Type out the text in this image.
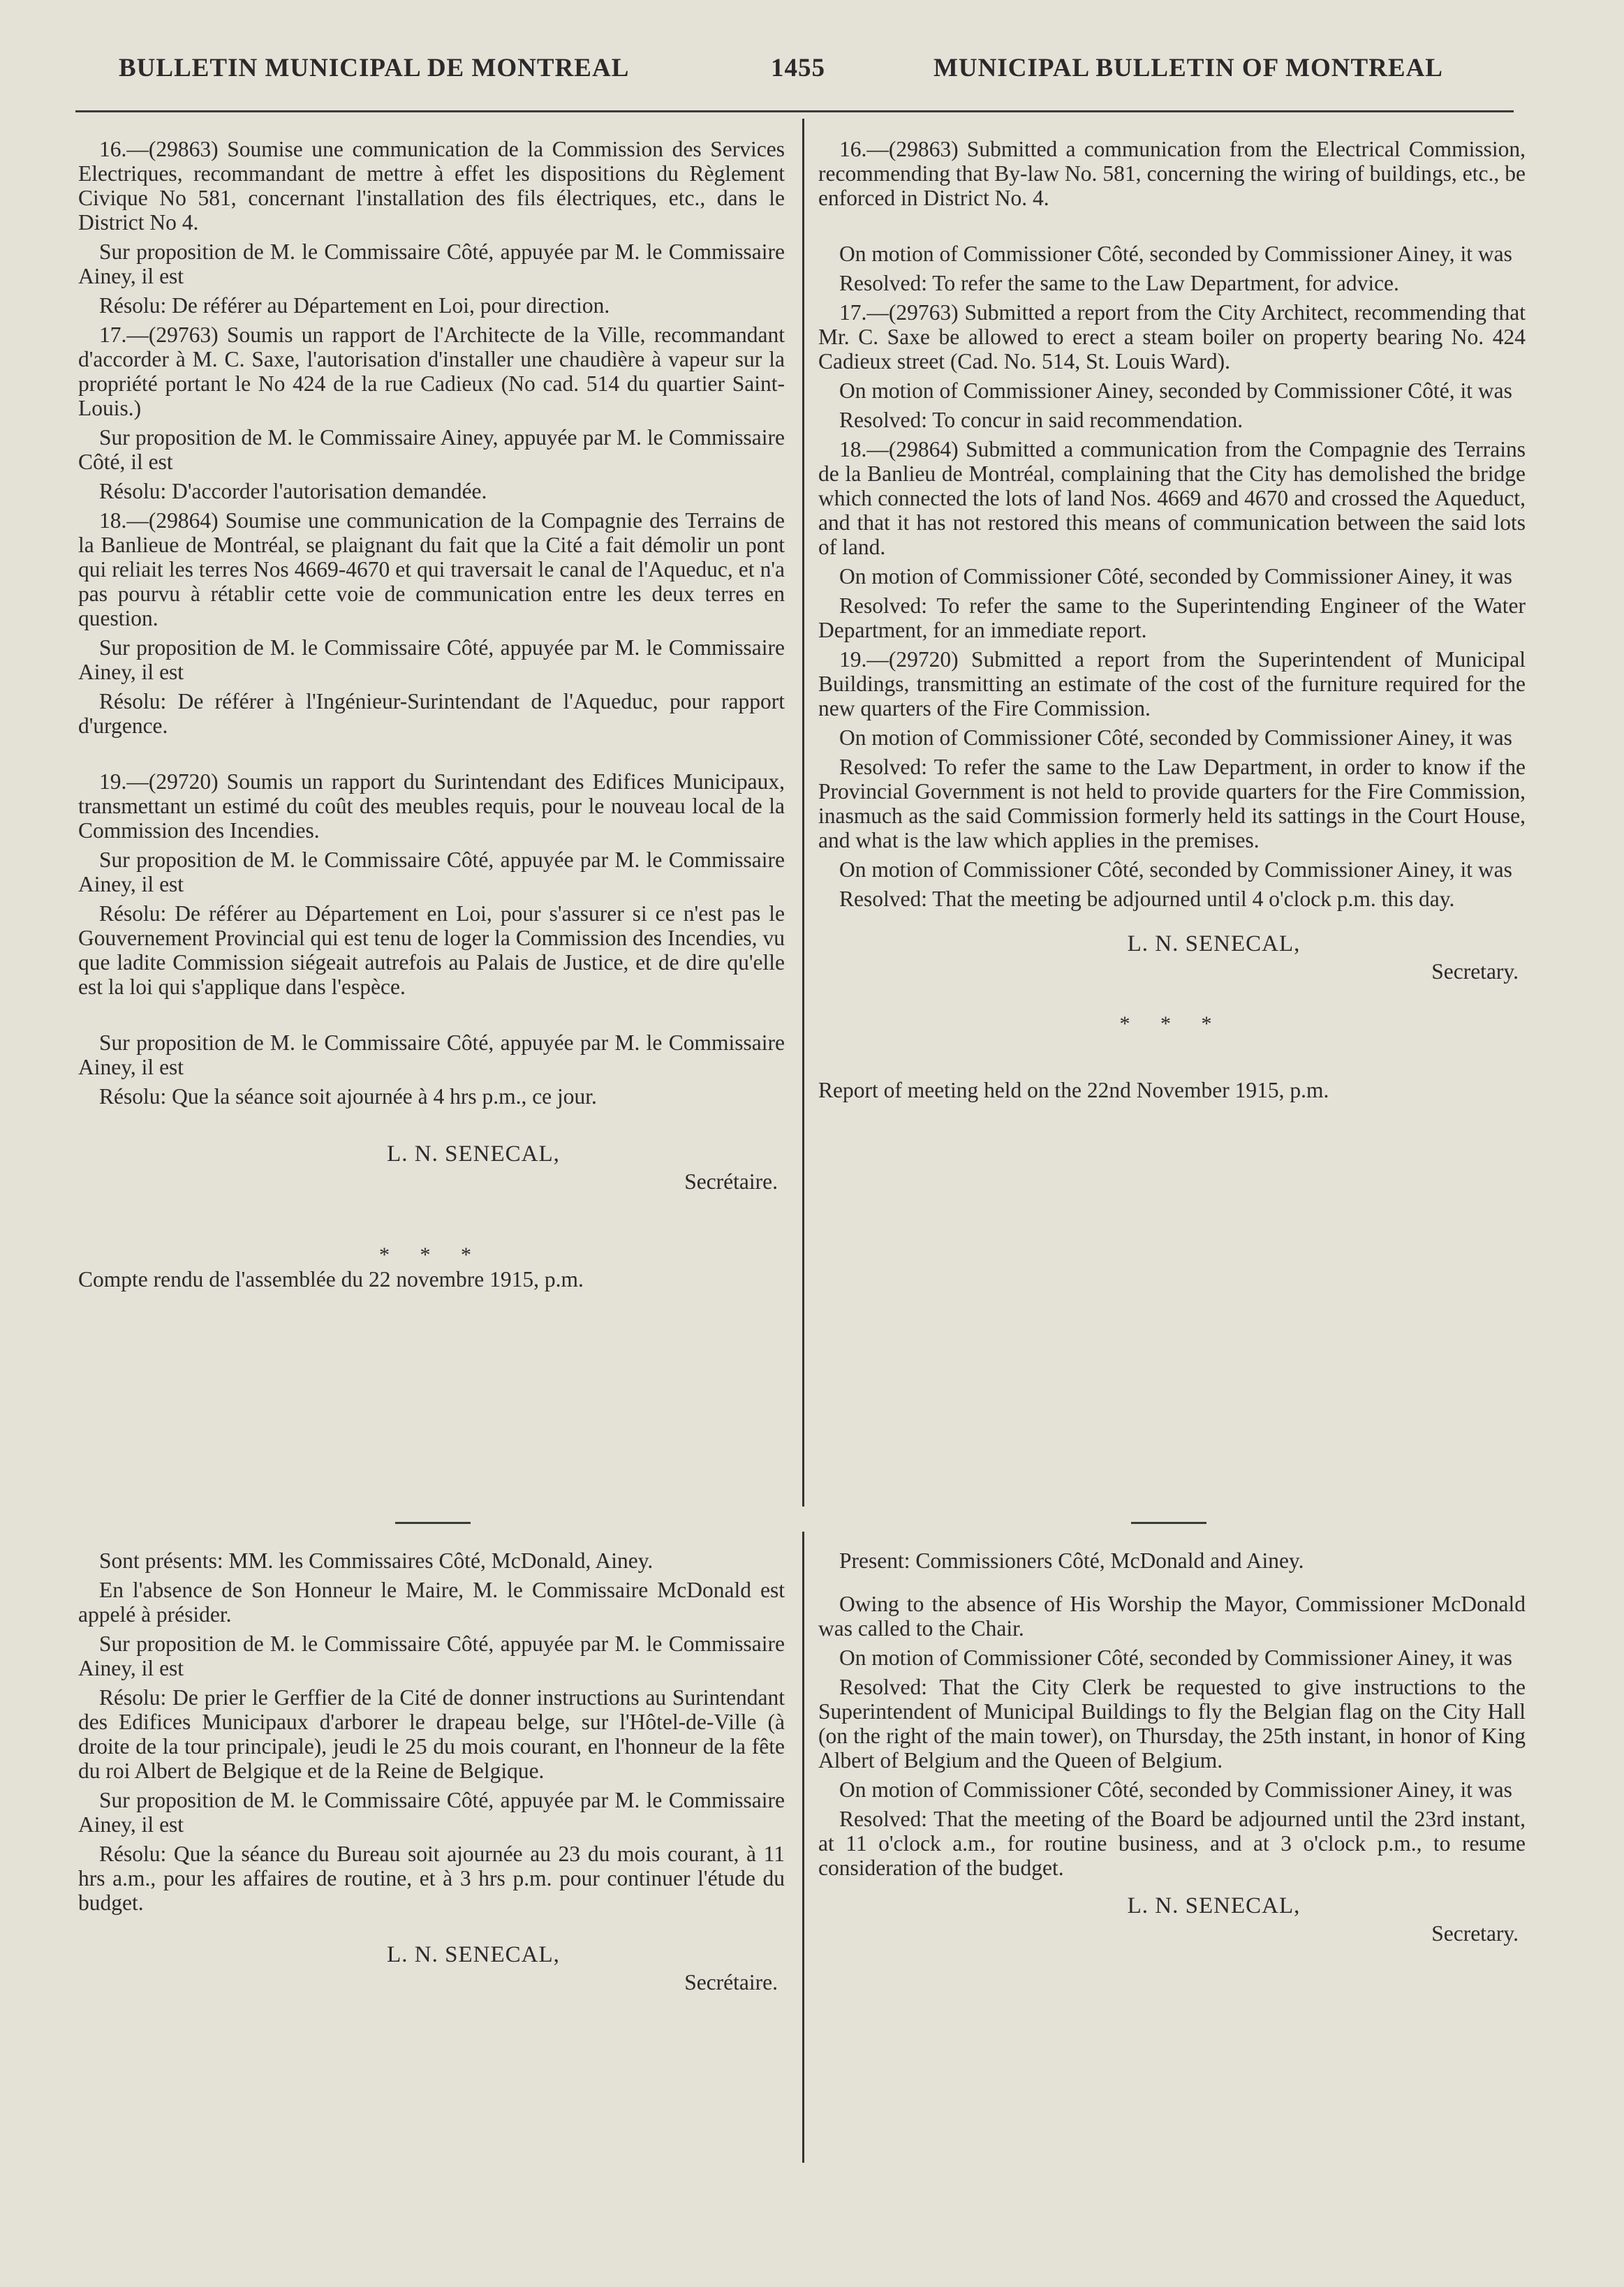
BULLETIN MUNICIPAL DE MONTREAL	1455	MUNICIPAL BULLETIN OF MONTREAL

16.—(29863) Soumise une communication de la Commission des Services Electriques, recommandant de mettre à effet les dispositions du Règlement Civique No 581, concernant l'installation des fils électriques, etc., dans le District No 4.

Sur proposition de M. le Commissaire Côté, appuyée par M. le Commissaire Ainey, il est

Résolu: De référer au Département en Loi, pour direction.

17.—(29763) Soumis un rapport de l'Architecte de la Ville, recommandant d'accorder à M. C. Saxe, l'autorisation d'installer une chaudière à vapeur sur la propriété portant le No 424 de la rue Cadieux (No cad. 514 du quartier Saint-Louis.)

Sur proposition de M. le Commissaire Ainey, appuyée par M. le Commissaire Côté, il est

Résolu: D'accorder l'autorisation demandée.

18.—(29864) Soumise une communication de la Compagnie des Terrains de la Banlieue de Montréal, se plaignant du fait que la Cité a fait démolir un pont qui reliait les terres Nos 4669-4670 et qui traversait le canal de l'Aqueduc, et n'a pas pourvu à rétablir cette voie de communication entre les deux terres en question.

Sur proposition de M. le Commissaire Côté, appuyée par M. le Commissaire Ainey, il est

Résolu: De référer à l'Ingénieur-Surintendant de l'Aqueduc, pour rapport d'urgence.

19.—(29720) Soumis un rapport du Surintendant des Edifices Municipaux, transmettant un estimé du coût des meubles requis, pour le nouveau local de la Commission des Incendies.

Sur proposition de M. le Commissaire Côté, appuyée par M. le Commissaire Ainey, il est

Résolu: De référer au Département en Loi, pour s'assurer si ce n'est pas le Gouvernement Provincial qui est tenu de loger la Commission des Incendies, vu que ladite Commission siégeait autrefois au Palais de Justice, et de dire qu'elle est la loi qui s'applique dans l'espèce.

Sur proposition de M. le Commissaire Côté, appuyée par M. le Commissaire Ainey, il est

Résolu: Que la séance soit ajournée à 4 hrs p.m., ce jour.

L. N. SENECAL,
Secrétaire.
* * *

Compte rendu de l'assemblée du 22 novembre 1915, p.m.

16.—(29863) Submitted a communication from the Electrical Commission, recommending that By-law No. 581, concerning the wiring of buildings, etc., be enforced in District No. 4.

On motion of Commissioner Côté, seconded by Commissioner Ainey, it was

Resolved: To refer the same to the Law Department, for advice.

17.—(29763) Submitted a report from the City Architect, recommending that Mr. C. Saxe be allowed to erect a steam boiler on property bearing No. 424 Cadieux street (Cad. No. 514, St. Louis Ward).

On motion of Commissioner Ainey, seconded by Commissioner Côté, it was

Resolved: To concur in said recommendation.

18.—(29864) Submitted a communication from the Compagnie des Terrains de la Banlieu de Montréal, complaining that the City has demolished the bridge which connected the lots of land Nos. 4669 and 4670 and crossed the Aqueduct, and that it has not restored this means of communication between the said lots of land.

On motion of Commissioner Côté, seconded by Commissioner Ainey, it was

Resolved: To refer the same to the Superintending Engineer of the Water Department, for an immediate report.

19.—(29720) Submitted a report from the Superintendent of Municipal Buildings, transmitting an estimate of the cost of the furniture required for the new quarters of the Fire Commission.

On motion of Commissioner Côté, seconded by Commissioner Ainey, it was

Resolved: To refer the same to the Law Department, in order to know if the Provincial Government is not held to provide quarters for the Fire Commission, inasmuch as the said Commission formerly held its sattings in the Court House, and what is the law which applies in the premises.

On motion of Commissioner Côté, seconded by Commissioner Ainey, it was

Resolved: That the meeting be adjourned until 4 o'clock p.m. this day.

L. N. SENECAL,
Secretary.
* * *

Report of meeting held on the 22nd November 1915, p.m.

Sont présents: MM. les Commissaires Côté, McDonald, Ainey.

En l'absence de Son Honneur le Maire, M. le Commissaire McDonald est appelé à présider.

Sur proposition de M. le Commissaire Côté, appuyée par M. le Commissaire Ainey, il est

Résolu: De prier le Gerffier de la Cité de donner instructions au Surintendant des Edifices Municipaux d'arborer le drapeau belge, sur l'Hôtel-de-Ville (à droite de la tour principale), jeudi le 25 du mois courant, en l'honneur de la fête du roi Albert de Belgique et de la Reine de Belgique.

Sur proposition de M. le Commissaire Côté, appuyée par M. le Commissaire Ainey, il est

Résolu: Que la séance du Bureau soit ajournée au 23 du mois courant, à 11 hrs a.m., pour les affaires de routine, et à 3 hrs p.m. pour continuer l'étude du budget.

L. N. SENECAL,
Secrétaire.

Present: Commissioners Côté, McDonald and Ainey.

Owing to the absence of His Worship the Mayor, Commissioner McDonald was called to the Chair.

On motion of Commissioner Côté, seconded by Commissioner Ainey, it was

Resolved: That the City Clerk be requested to give instructions to the Superintendent of Municipal Buildings to fly the Belgian flag on the City Hall (on the right of the main tower), on Thursday, the 25th instant, in honor of King Albert of Belgium and the Queen of Belgium.

On motion of Commissioner Côté, seconded by Commissioner Ainey, it was

Resolved: That the meeting of the Board be adjourned until the 23rd instant, at 11 o'clock a.m., for routine business, and at 3 o'clock p.m., to resume consideration of the budget.

L. N. SENECAL,
Secretary.
